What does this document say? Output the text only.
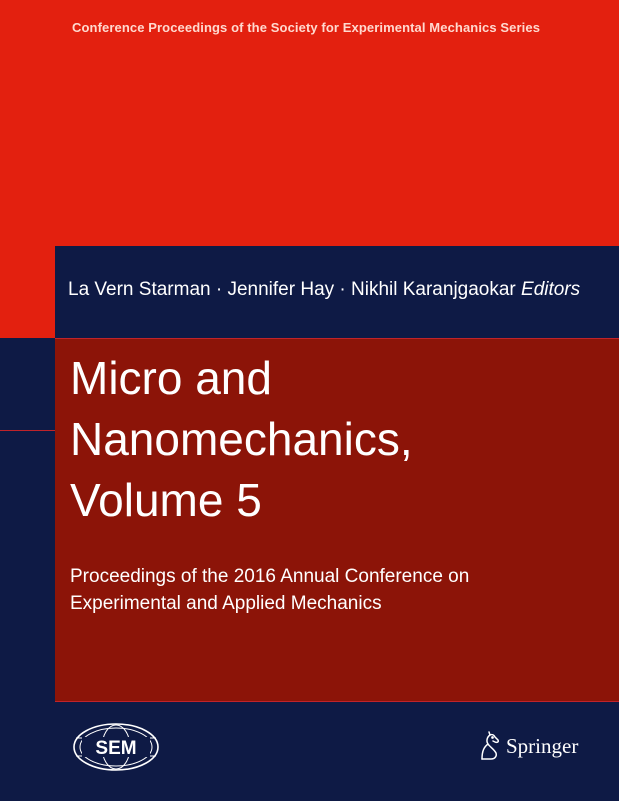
Conference Proceedings of the Society for Experimental Mechanics Series
La Vern Starman · Jennifer Hay · Nikhil Karanjgaokar Editors
Micro and
Nanomechanics,
Volume 5
Proceedings of the 2016 Annual Conference on
Experimental and Applied Mechanics
SEM	Springer
